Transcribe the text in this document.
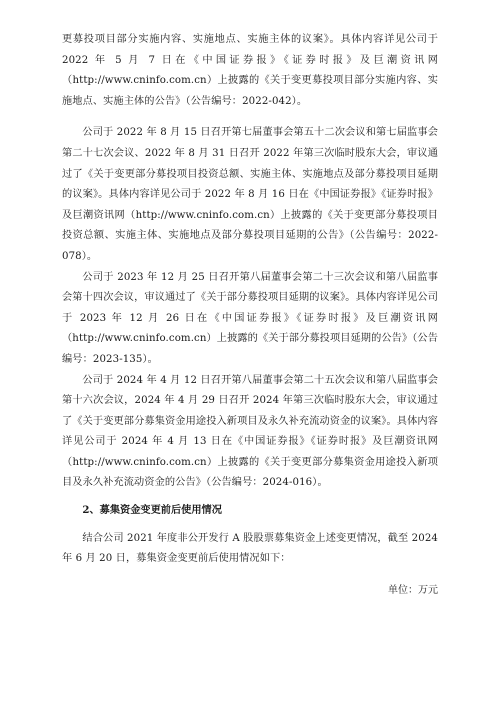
更募投项目部分实施内容、实施地点、实施主体的议案》。具体内容详见公司于 2022 年 5 月 7 日在《中国证券报》《证券时报》及巨潮资讯网（http://www.cninfo.com.cn）上披露的《关于变更募投项目部分实施内容、实施地点、实施主体的公告》（公告编号：2022-042）。

公司于 2022 年 8 月 15 日召开第七届董事会第五十二次会议和第七届监事会第二十七次会议、2022 年 8 月 31 日召开 2022 年第三次临时股东大会，审议通过了《关于变更部分募投项目投资总额、实施主体、实施地点及部分募投项目延期的议案》。具体内容详见公司于 2022 年 8 月 16 日在《中国证券报》《证券时报》及巨潮资讯网（http://www.cninfo.com.cn）上披露的《关于变更部分募投项目投资总额、实施主体、实施地点及部分募投项目延期的公告》（公告编号：2022-078）。

公司于 2023 年 12 月 25 日召开第八届董事会第二十三次会议和第八届监事会第十四次会议，审议通过了《关于部分募投项目延期的议案》。具体内容详见公司于 2023 年 12 月 26 日在《中国证券报》《证券时报》及巨潮资讯网（http://www.cninfo.com.cn）上披露的《关于部分募投项目延期的公告》（公告编号：2023-135）。

公司于 2024 年 4 月 12 日召开第八届董事会第二十五次会议和第八届监事会第十六次会议，2024 年 4 月 29 日召开 2024 年第三次临时股东大会，审议通过了《关于变更部分募集资金用途投入新项目及永久补充流动资金的议案》。具体内容详见公司于 2024 年 4 月 13 日在《中国证券报》《证券时报》及巨潮资讯网（http://www.cninfo.com.cn）上披露的《关于变更部分募集资金用途投入新项目及永久补充流动资金的公告》（公告编号：2024-016）。

2、募集资金变更前后使用情况

结合公司 2021 年度非公开发行 A 股股票募集资金上述变更情况，截至 2024 年 6 月 20 日，募集资金变更前后使用情况如下：

单位：万元
